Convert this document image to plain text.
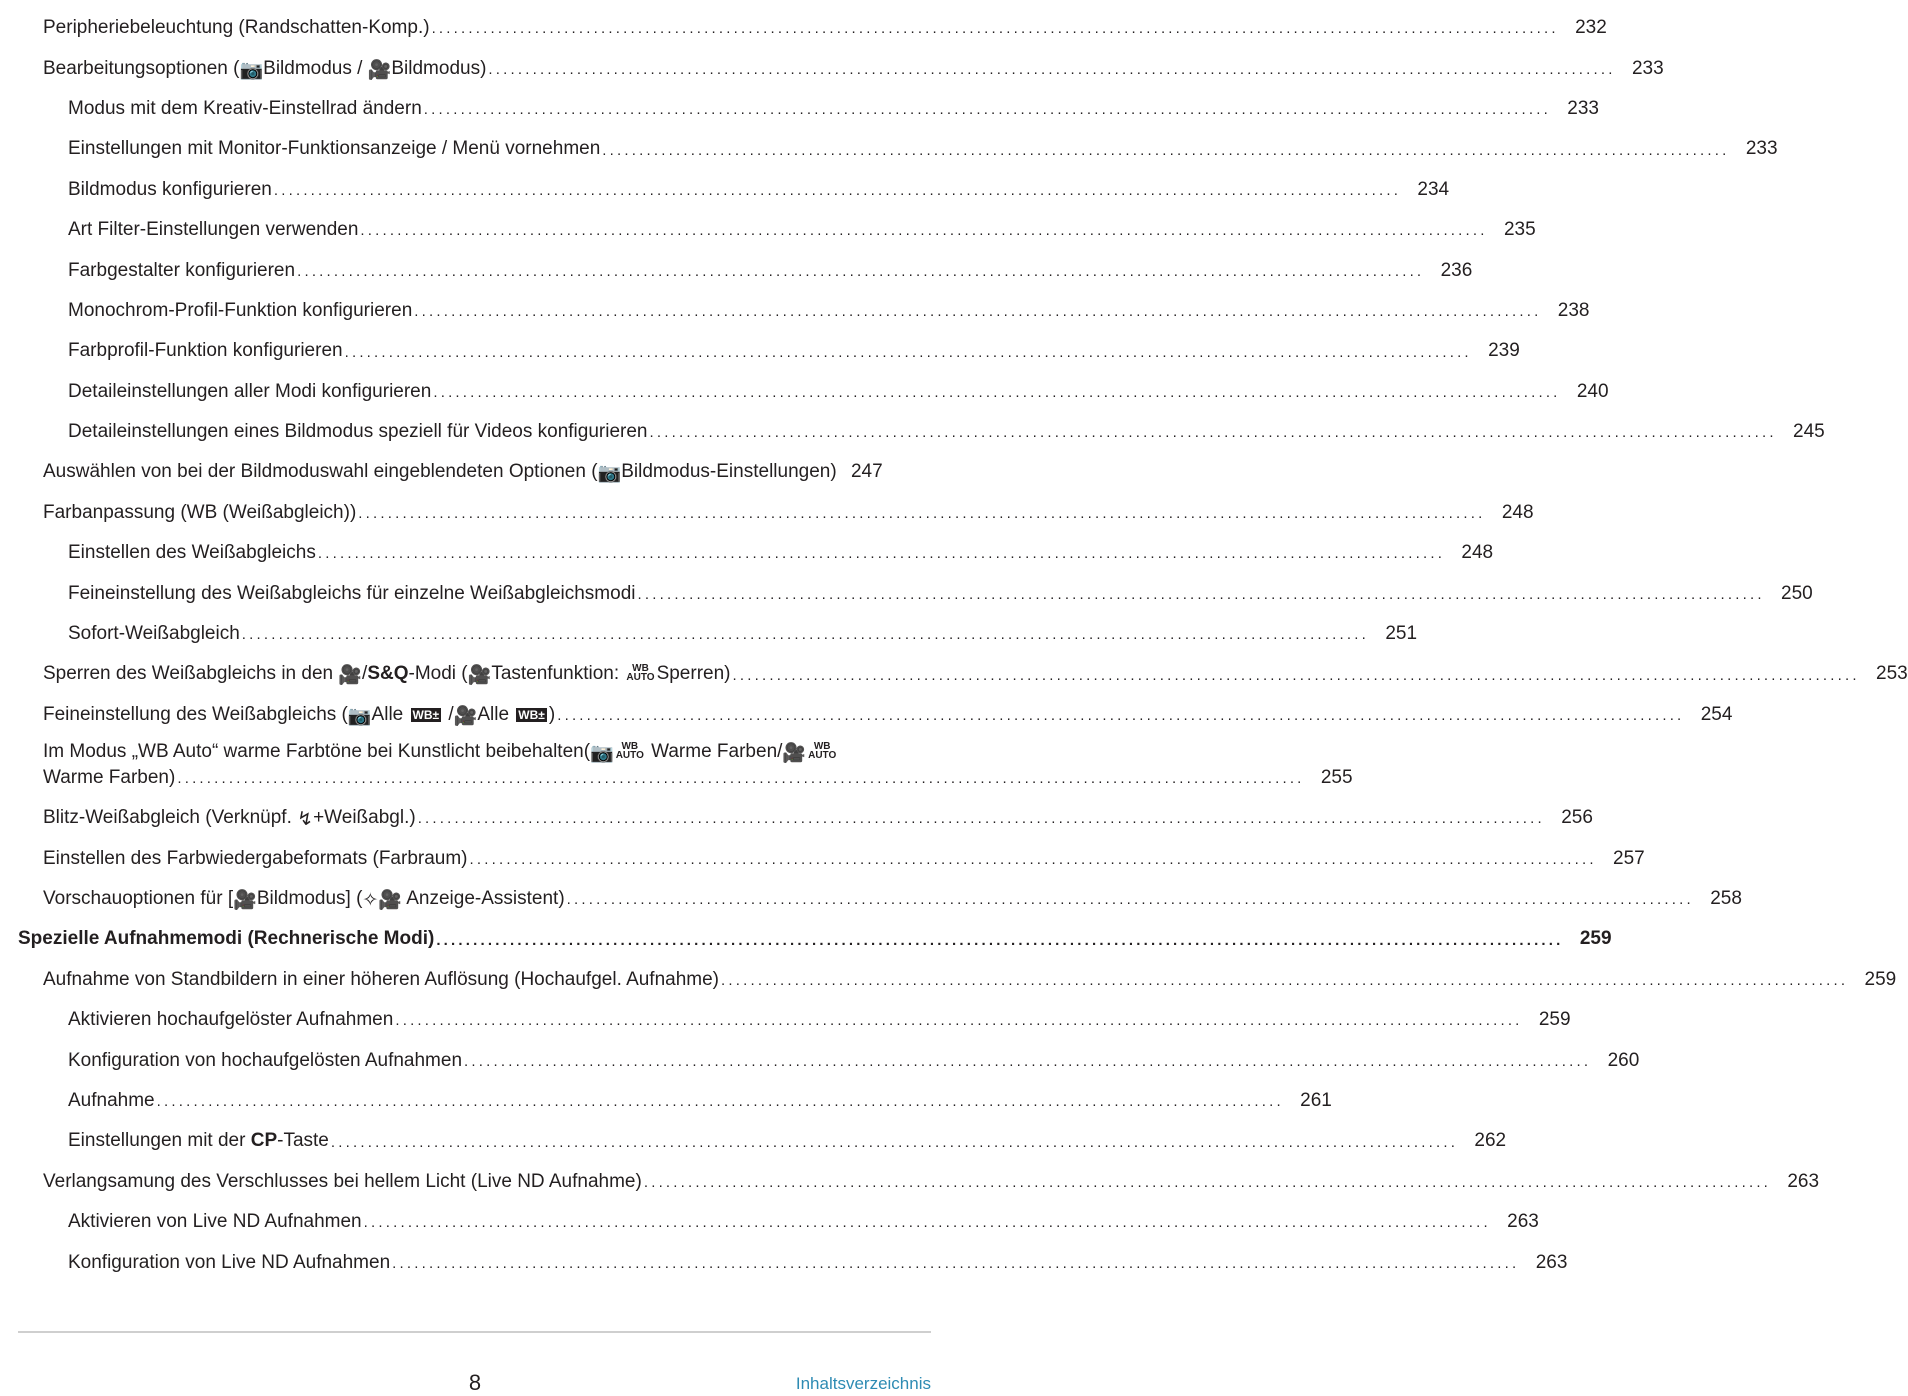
Peripheriebeleuchtung (Randschatten-Komp.) ......................................................................................................................................................... 232
Bearbeitungsoptionen (📷Bildmodus / 🎥Bildmodus) ......................................................................................................................................................... 233
Modus mit dem Kreativ-Einstellrad ändern ......................................................................................................................................................... 233
Einstellungen mit Monitor-Funktionsanzeige / Menü vornehmen ......................................................................................................................................................... 233
Bildmodus konfigurieren ......................................................................................................................................................... 234
Art Filter-Einstellungen verwenden ......................................................................................................................................................... 235
Farbgestalter konfigurieren ......................................................................................................................................................... 236
Monochrom-Profil-Funktion konfigurieren ......................................................................................................................................................... 238
Farbprofil-Funktion konfigurieren ......................................................................................................................................................... 239
Detaileinstellungen aller Modi konfigurieren ......................................................................................................................................................... 240
Detaileinstellungen eines Bildmodus speziell für Videos konfigurieren ......................................................................................................................................................... 245
Auswählen von bei der Bildmoduswahl eingeblendeten Optionen (📷Bildmodus-Einstellungen) 247
Farbanpassung (WB (Weißabgleich)) ......................................................................................................................................................... 248
Einstellen des Weißabgleichs ......................................................................................................................................................... 248
Feineinstellung des Weißabgleichs für einzelne Weißabgleichsmodi ......................................................................................................................................................... 250
Sofort-Weißabgleich ......................................................................................................................................................... 251
Sperren des Weißabgleichs in den 🎥/S&Q-Modi (🎥Tastenfunktion: WB
AUTO Sperren) ......................................................................................................................................................... 253
Feineinstellung des Weißabgleichs (📷Alle WB± /🎥Alle WB± ) ......................................................................................................................................................... 254
Im Modus „WB Auto“ warme Farbtöne bei Kunstlicht beibehalten(📷 WB
AUTO Warme Farben/🎥 WB
AUTO
Warme Farben) ......................................................................................................................................................... 255
Blitz-Weißabgleich (Verknüpf. ↯+Weißabgl.) ......................................................................................................................................................... 256
Einstellen des Farbwiedergabeformats (Farbraum) ......................................................................................................................................................... 257
Vorschauoptionen für [🎥Bildmodus] (✧🎥 Anzeige-Assistent) ......................................................................................................................................................... 258
Spezielle Aufnahmemodi (Rechnerische Modi) ......................................................................................................................................................... 259
Aufnahme von Standbildern in einer höheren Auflösung (Hochaufgel. Aufnahme) ......................................................................................................................................................... 259
Aktivieren hochaufgelöster Aufnahmen ......................................................................................................................................................... 259
Konfiguration von hochaufgelösten Aufnahmen ......................................................................................................................................................... 260
Aufnahme ......................................................................................................................................................... 261
Einstellungen mit der CP-Taste ......................................................................................................................................................... 262
Verlangsamung des Verschlusses bei hellem Licht (Live ND Aufnahme) ......................................................................................................................................................... 263
Aktivieren von Live ND Aufnahmen ......................................................................................................................................................... 263
Konfiguration von Live ND Aufnahmen ......................................................................................................................................................... 263
8	Inhaltsverzeichnis
